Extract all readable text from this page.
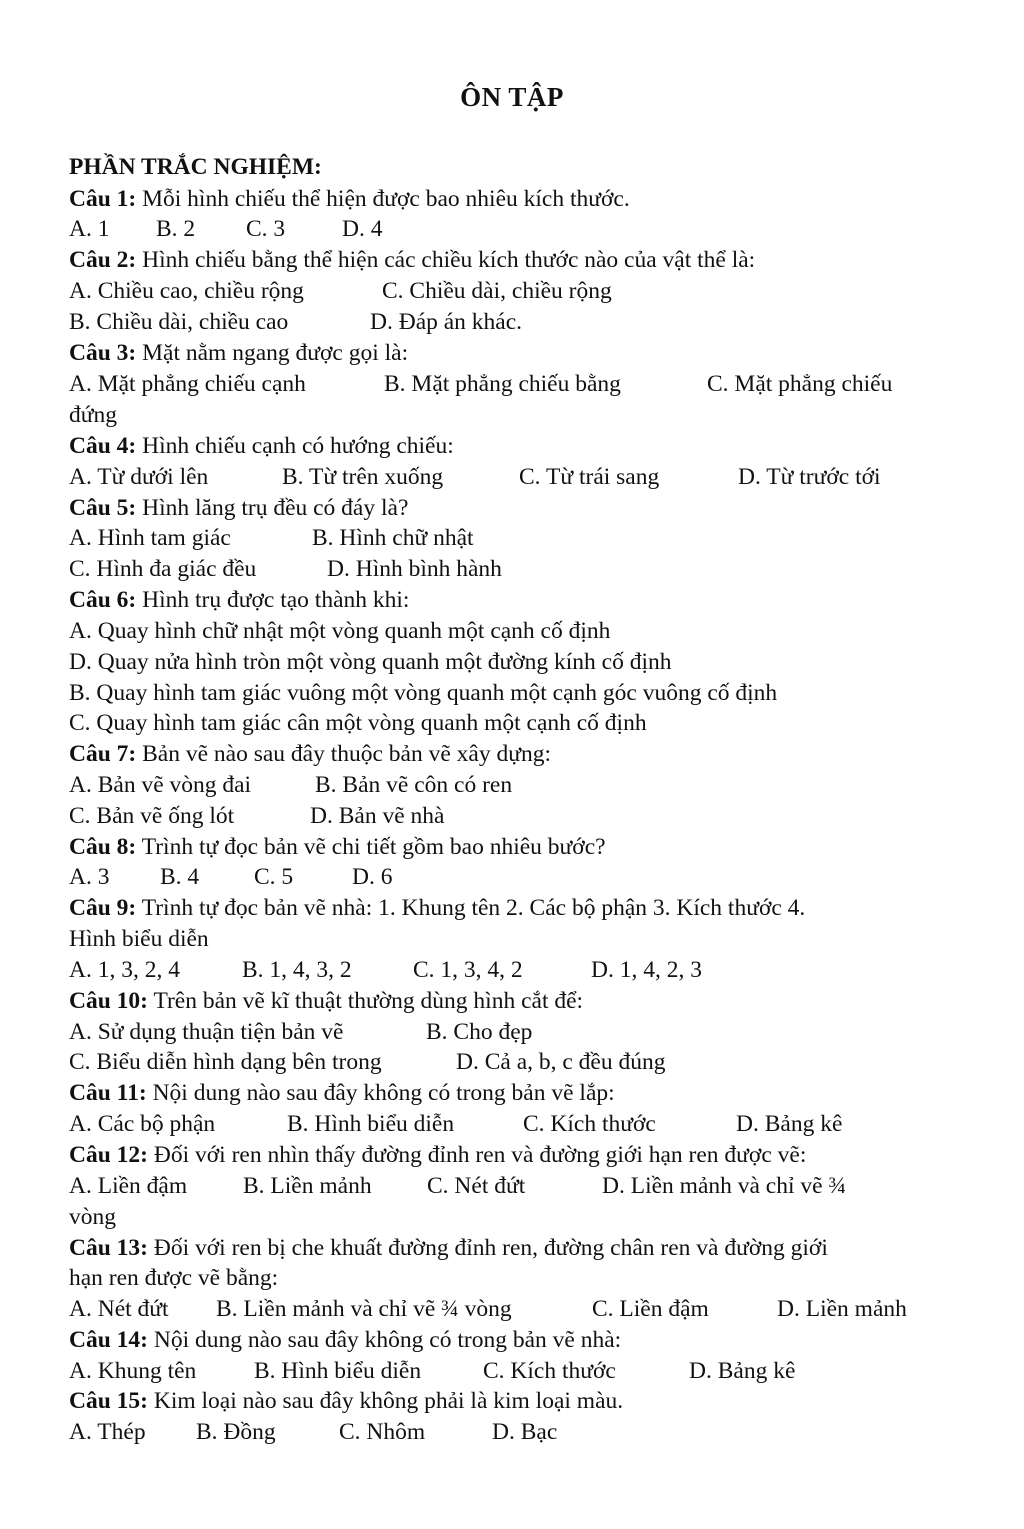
ÔN TẬP
PHẦN TRẮC NGHIỆM:
Câu 1: Mỗi hình chiếu thể hiện được bao nhiêu kích thước.
A. 1 B. 2 C. 3 D. 4
Câu 2: Hình chiếu bằng thể hiện các chiều kích thước nào của vật thể là:
A. Chiều cao, chiều rộng	C. Chiều dài, chiều rộng
B. Chiều dài, chiều cao	D. Đáp án khác.
Câu 3: Mặt nằm ngang được gọi là:
A. Mặt phẳng chiếu cạnh	B. Mặt phẳng chiếu bằng	C. Mặt phẳng chiếu
đứng
Câu 4: Hình chiếu cạnh có hướng chiếu:
A. Từ dưới lên	B. Từ trên xuống	C. Từ trái sang	D. Từ trước tới
Câu 5: Hình lăng trụ đều có đáy là?
A. Hình tam giác	B. Hình chữ nhật
C. Hình đa giác đều	D. Hình bình hành
Câu 6: Hình trụ được tạo thành khi:
A. Quay hình chữ nhật một vòng quanh một cạnh cố định
D. Quay nửa hình tròn một vòng quanh một đường kính cố định
B. Quay hình tam giác vuông một vòng quanh một cạnh góc vuông cố định
C. Quay hình tam giác cân một vòng quanh một cạnh cố định
Câu 7: Bản vẽ nào sau đây thuộc bản vẽ xây dựng:
A. Bản vẽ vòng đai	B. Bản vẽ côn có ren
C. Bản vẽ ống lót	D. Bản vẽ nhà
Câu 8: Trình tự đọc bản vẽ chi tiết gồm bao nhiêu bước?
A. 3 B. 4 C. 5	D. 6
Câu 9: Trình tự đọc bản vẽ nhà: 1. Khung tên 2. Các bộ phận 3. Kích thước 4.
Hình biểu diễn
A. 1, 3, 2, 4	B. 1, 4, 3, 2	C. 1, 3, 4, 2	D. 1, 4, 2, 3
Câu 10: Trên bản vẽ kĩ thuật thường dùng hình cắt để:
A. Sử dụng thuận tiện bản vẽ	B. Cho đẹp
C. Biểu diễn hình dạng bên trong	D. Cả a, b, c đều đúng
Câu 11: Nội dung nào sau đây không có trong bản vẽ lắp:
A. Các bộ phận	B. Hình biểu diễn	C. Kích thước	D. Bảng kê
Câu 12: Đối với ren nhìn thấy đường đỉnh ren và đường giới hạn ren được vẽ:
A. Liền đậm B. Liền mảnh C. Nét đứt	D. Liền mảnh và chỉ vẽ ¾
vòng
Câu 13: Đối với ren bị che khuất đường đỉnh ren, đường chân ren và đường giới
hạn ren được vẽ bằng:
A. Nét đứt B. Liền mảnh và chỉ vẽ ¾ vòng	C. Liền đậm	D. Liền mảnh
Câu 14: Nội dung nào sau đây không có trong bản vẽ nhà:
A. Khung tên B. Hình biểu diễn	C. Kích thước	D. Bảng kê
Câu 15: Kim loại nào sau đây không phải là kim loại màu.
A. Thép B. Đồng	C. Nhôm	D. Bạc
